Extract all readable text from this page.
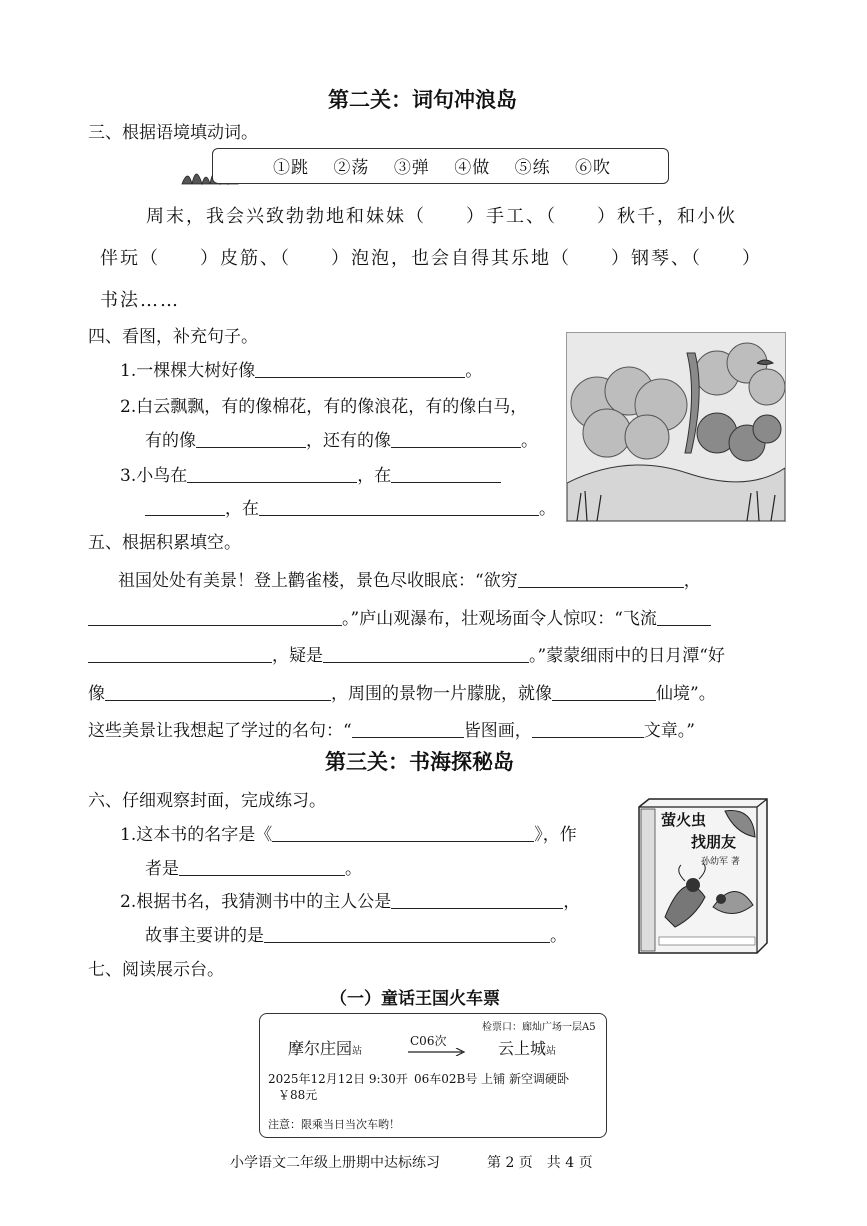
第二关：词句冲浪岛
三、根据语境填动词。
①跳 ②荡 ③弹 ④做 ⑤练 ⑥吹
周末，我会兴致勃勃地和妹妹（　　）手工、（　　）秋千，和小伙
伴玩（　　）皮筋、（　　）泡泡，也会自得其乐地（　　）钢琴、（　　）
书法……
四、看图，补充句子。
1.一棵棵大树好像	。
2.白云飘飘，有的像棉花，有的像浪花，有的像白马，
有的像	，还有的像	。
3.小鸟在	，在
，在	。
五、根据积累填空。
祖国处处有美景！登上鹳雀楼，景色尽收眼底：“欲穷	，
。”庐山观瀑布，壮观场面令人惊叹：“飞流
，疑是	。”蒙蒙细雨中的日月潭“好
像	，周围的景物一片朦胧，就像	仙境”。
这些美景让我想起了学过的名句：“	皆图画，	文章。”
第三关：书海探秘岛
六、仔细观察封面，完成练习。
1.这本书的名字是《	》，作
者是	。
2.根据书名，我猜测书中的主人公是	，
故事主要讲的是	。
萤火虫
找朋友
孙幼军 著
七、阅读展示台。
（一）童话王国火车票
检票口：廊灿广场一层A5
摩尔庄园站
C06次	云上城站
2025年12月12日 9:30开 06车02B号 上铺 新空调硬卧
￥88元
注意：限乘当日当次车哟！
小学语文二年级上册期中达标练习	第 2 页　共 4 页
